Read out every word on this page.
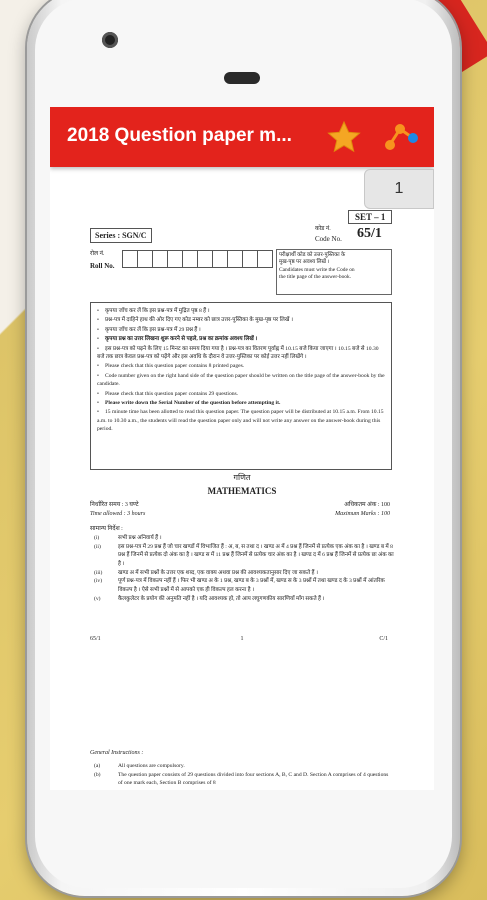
2018 Question paper m...
SET – 1
Series : SGN/C
कोड नं.
Code No. 65/1
रोल नं.
Roll No.
परीक्षार्थी कोड को उत्तर-पुस्तिका के
मुख-पृष्ठ पर अवश्य लिखें ।
Candidates must write the Code on
the title page of the answer-book.
• कृपया जाँच कर लें कि इस प्रश्न-पत्र में मुद्रित पृष्ठ 8 हैं ।
• प्रश्न-पत्र में दाहिने हाथ की ओर दिए गए कोड नम्बर को छात्र उत्तर-पुस्तिका के मुख-पृष्ठ पर लिखें ।
• कृपया जाँच कर लें कि इस प्रश्न-पत्र में 29 प्रश्न हैं ।
• कृपया प्रश्न का उत्तर लिखना शुरू करने से पहले, प्रश्न का क्रमांक अवश्य लिखें ।
• इस प्रश्न-पत्र को पढ़ने के लिए 15 मिनट का समय दिया गया है । प्रश्न-पत्र का वितरण पूर्वाह्न में 10.15 बजे किया जाएगा । 10.15 बजे से 10.30 बजे तक छात्र केवल प्रश्न-पत्र को पढ़ेंगे और इस अवधि के दौरान वे उत्तर-पुस्तिका पर कोई उत्तर नहीं लिखेंगे ।
• Please check that this question paper contains 8 printed pages.
• Code number given on the right hand side of the question paper should be written on the title page of the answer-book by the candidate.
• Please check that this question paper contains 29 questions.
• Please write down the Serial Number of the question before attempting it.
• 15 minute time has been allotted to read this question paper. The question paper will be distributed at 10.15 a.m. From 10.15 a.m. to 10.30 a.m., the students will read the question paper only and will not write any answer on the answer-book during this period.
गणित
MATHEMATICS
निर्धारित समय : 3 घण्टे
Time allowed : 3 hours
अधिकतम अंक : 100
Maximum Marks : 100
सामान्य निर्देश :
(i)	सभी प्रश्न अनिवार्य हैं ।
(ii)	इस प्रश्न-पत्र में 29 प्रश्न हैं जो चार खण्डों में विभाजित हैं : अ, ब, स तथा द । खण्ड अ में 4 प्रश्न हैं जिनमें से प्रत्येक एक अंक का है । खण्ड ब में 8 प्रश्न हैं जिनमें से प्रत्येक दो अंक का है । खण्ड स में 11 प्रश्न हैं जिनमें से प्रत्येक चार अंक का है । खण्ड द में 6 प्रश्न हैं जिनमें से प्रत्येक छः अंक का है ।
(iii)	खण्ड अ में सभी प्रश्नों के उत्तर एक शब्द, एक वाक्य अथवा प्रश्न की आवश्यकतानुसार दिए जा सकते हैं ।
(iv)	पूर्ण प्रश्न-पत्र में विकल्प नहीं हैं । फिर भी खण्ड अ के 1 प्रश्न, खण्ड ब के 3 प्रश्नों में, खण्ड स के 3 प्रश्नों में तथा खण्ड द के 3 प्रश्नों में आंतरिक विकल्प है । ऐसे सभी प्रश्नों में से आपको एक ही विकल्प हल करना है ।
(v)	कैलकुलेटर के प्रयोग की अनुमति नहीं है । यदि आवश्यक हो, तो आप लघुगणकीय सारणियाँ माँग सकते हैं ।
65/1	1	C/1
General Instructions :
(a)	All questions are compulsory.
(b)	The question paper consists of 29 questions divided into four sections A, B, C and D. Section A comprises of 4 questions of one mark each, Section B comprises of 8
1
